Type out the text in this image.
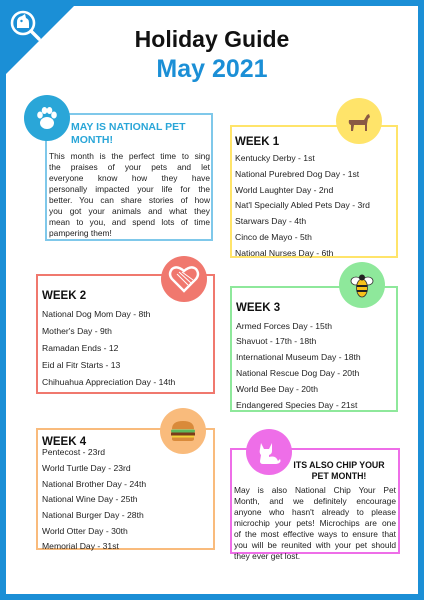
Holiday Guide
May 2021
MAY IS NATIONAL PET
MONTH!
This month is the perfect time to sing
the praises of your pets and let
everyone know how they have
personally impacted your life for the
better. You can share stories of how
you got your animals and what they
mean to you, and spend lots of time
pampering them!
WEEK 1
Kentucky Derby - 1st
National Purebred Dog Day - 1st
World Laughter Day - 2nd
Nat'l Specially Abled Pets Day - 3rd
Starwars Day - 4th
Cinco de Mayo - 5th
National Nurses Day - 6th
WEEK 2
National Dog Mom Day - 8th
Mother's Day - 9th
Ramadan Ends - 12
Eid al Fitr Starts - 13
Chihuahua Appreciation Day - 14th
WEEK 3
Armed Forces Day - 15th
Shavuot - 17th - 18th
International Museum Day - 18th
National Rescue Dog Day - 20th
World Bee Day - 20th
Endangered Species Day - 21st
WEEK 4
Pentecost - 23rd
World Turtle Day - 23rd
National Brother Day - 24th
National Wine Day - 25th
National Burger Day - 28th
World Otter Day - 30th
Memorial Day - 31st
ITS ALSO CHIP YOUR
PET MONTH!
May is also National Chip Your Pet
Month, and we definitely encourage
anyone who hasn't already to please
microchip your pets! Microchips are one
of the most effective ways to ensure that
you will be reunited with your pet should
they ever get lost.
